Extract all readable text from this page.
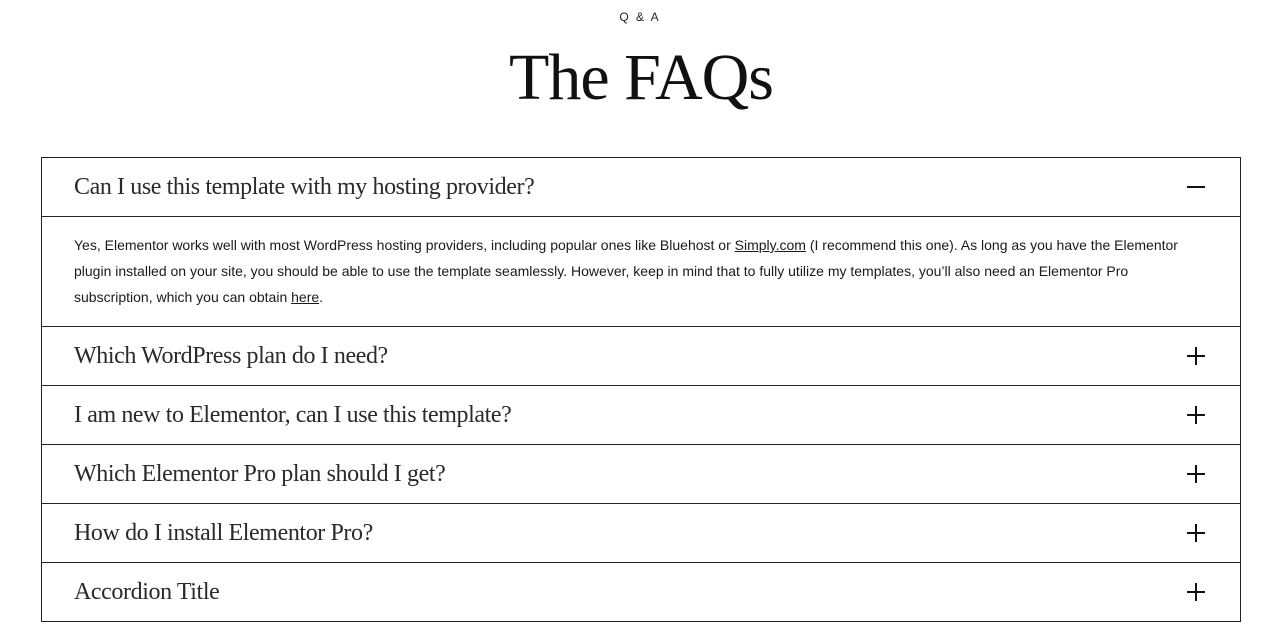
Q & A
The FAQs
Can I use this template with my hosting provider?
Yes, Elementor works well with most WordPress hosting providers, including popular ones like Bluehost or Simply.com (I recommend this one). As long as you have the Elementor plugin installed on your site, you should be able to use the template seamlessly. However, keep in mind that to fully utilize my templates, you’ll also need an Elementor Pro subscription, which you can obtain here.
Which WordPress plan do I need?
I am new to Elementor, can I use this template?
Which Elementor Pro plan should I get?
How do I install Elementor Pro?
Accordion Title
